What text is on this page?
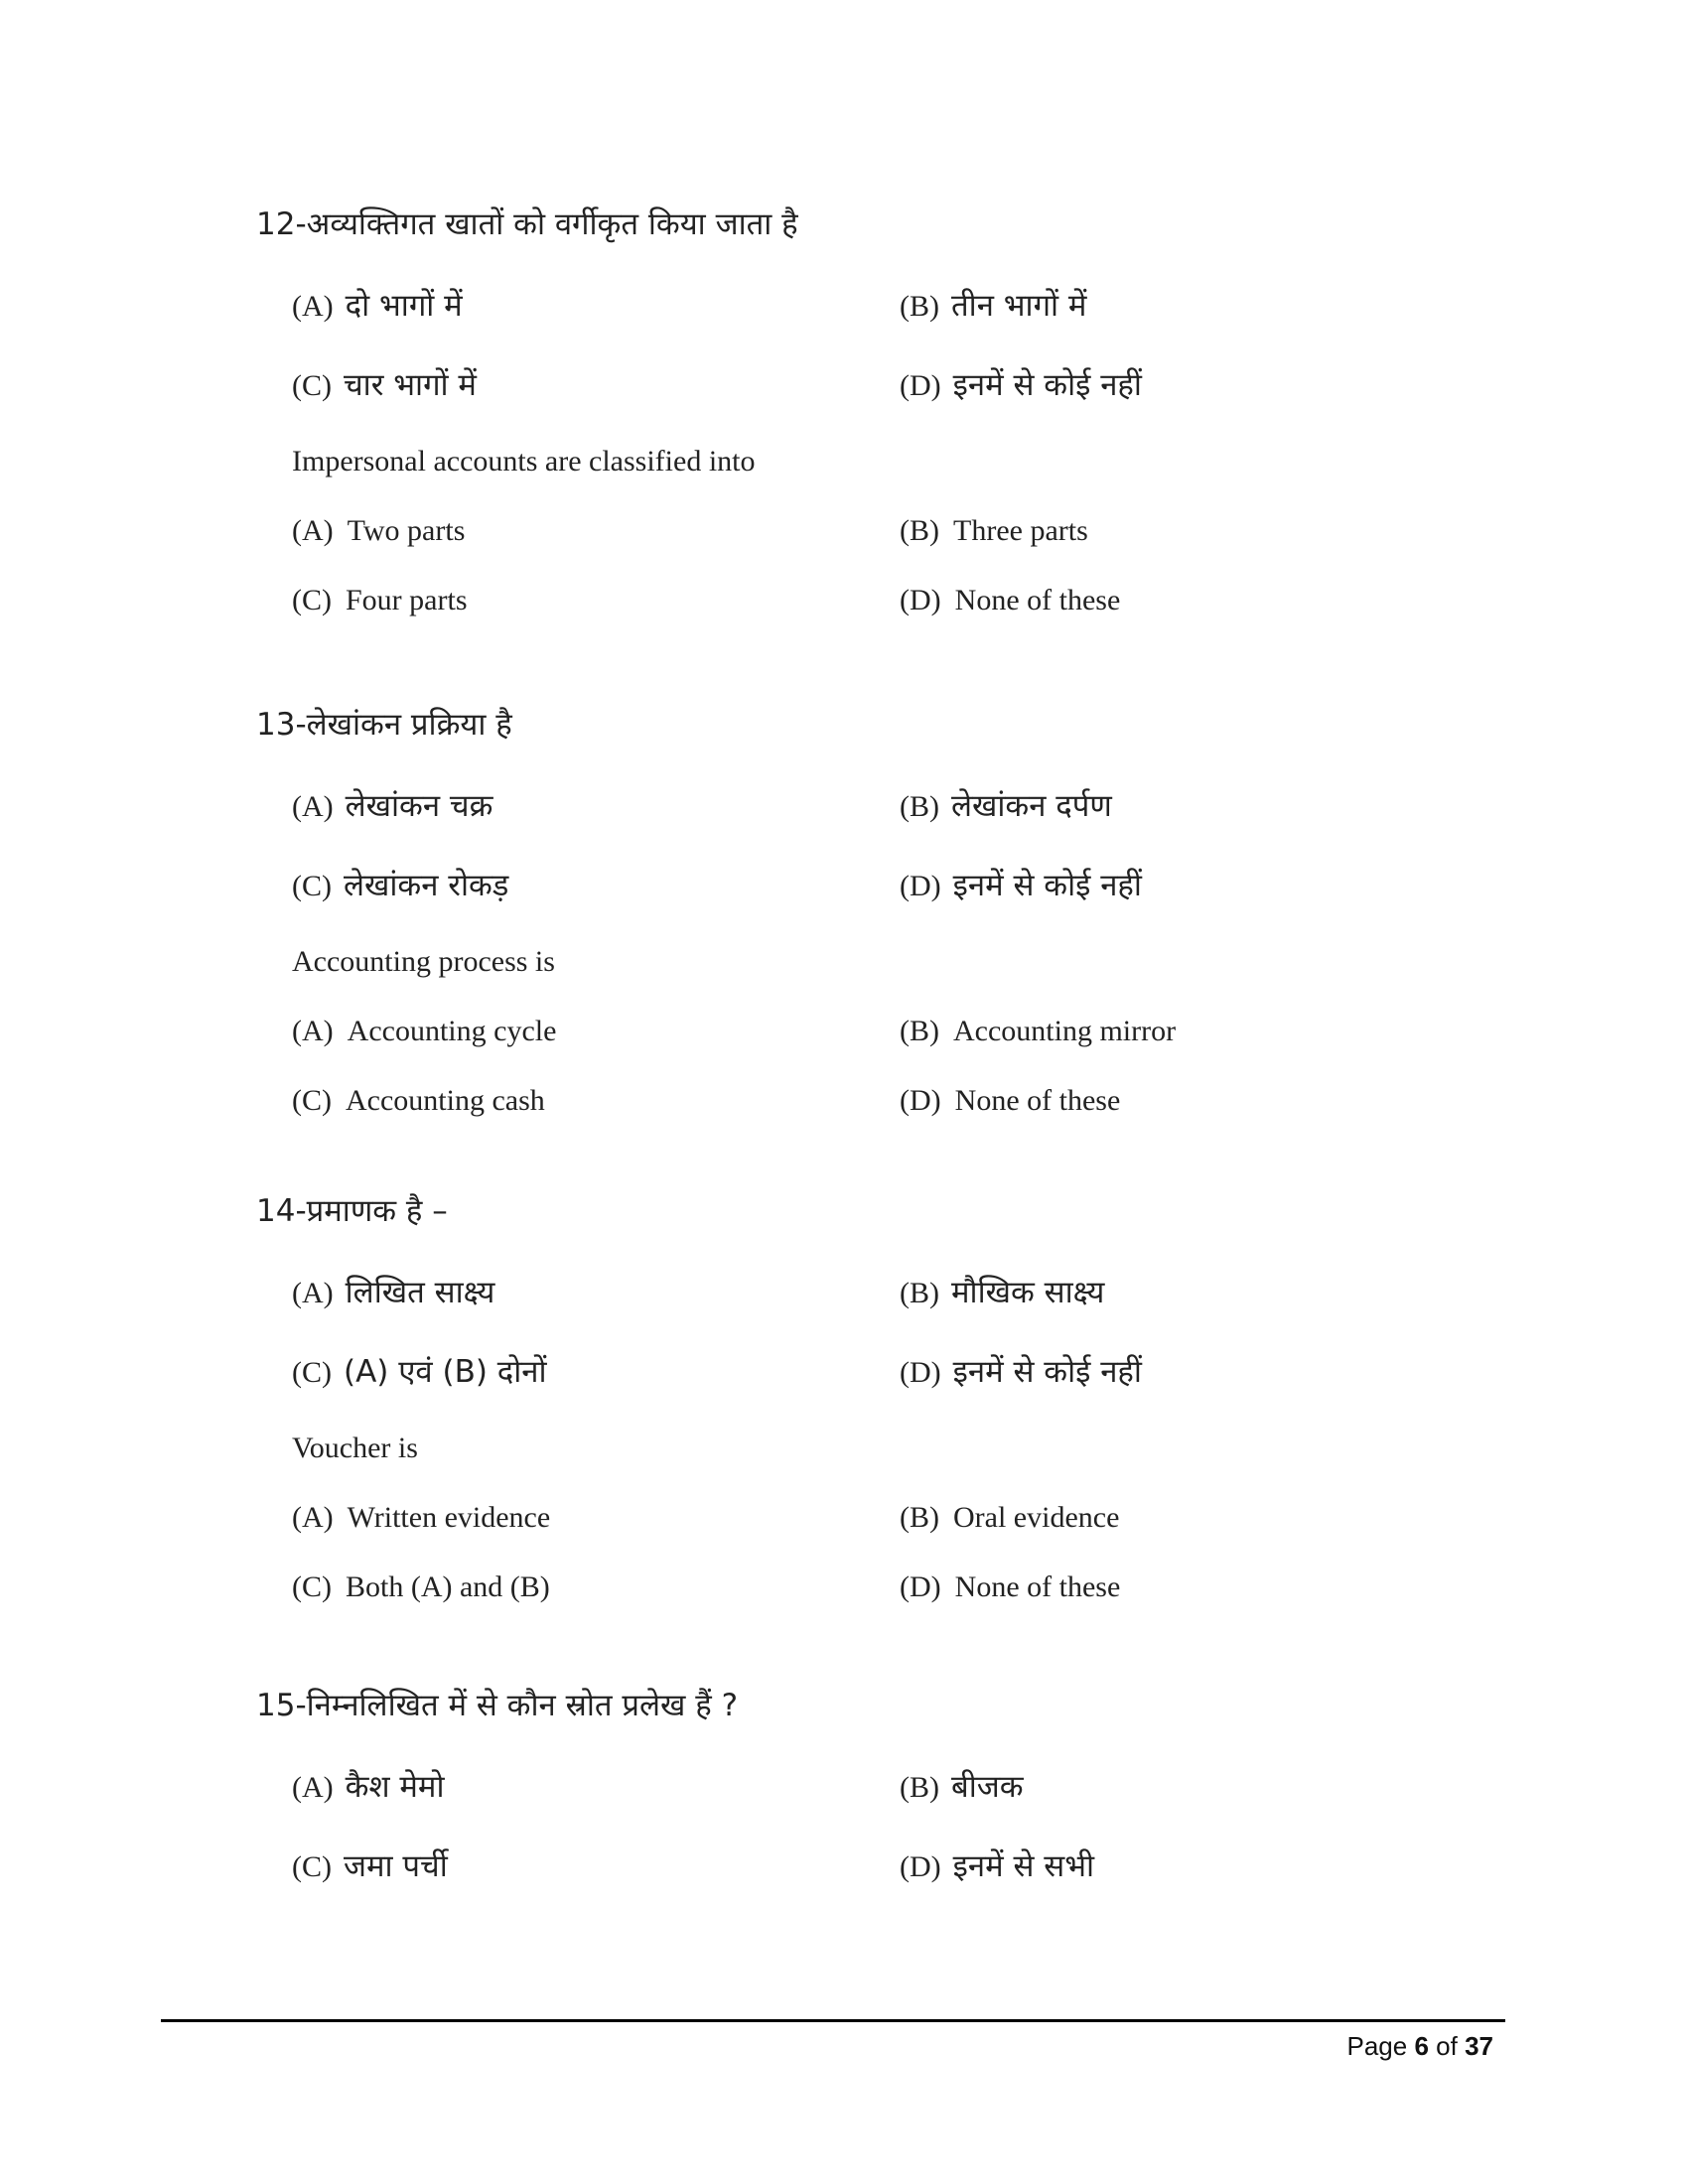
12-अव्यक्तिगत खातों को वर्गीकृत किया जाता है
(A) दो भागों में	(B) तीन भागों में
(C) चार भागों में	(D) इनमें से कोई नहीं
Impersonal accounts are classified into
(A) Two parts	(B) Three parts
(C) Four parts	(D) None of these
13-लेखांकन प्रक्रिया है
(A) लेखांकन चक्र	(B) लेखांकन दर्पण
(C) लेखांकन रोकड़	(D) इनमें से कोई नहीं
Accounting process is
(A) Accounting cycle	(B) Accounting mirror
(C) Accounting cash	(D) None of these
14-प्रमाणक है –
(A) लिखित साक्ष्य	(B) मौखिक साक्ष्य
(C) (A) एवं (B) दोनों	(D) इनमें से कोई नहीं
Voucher is
(A) Written evidence	(B) Oral evidence
(C) Both (A) and (B)	(D) None of these
15-निम्नलिखित में से कौन स्रोत प्रलेख हैं ?
(A) कैश मेमो	(B) बीजक
(C) जमा पर्ची	(D) इनमें से सभी
Page 6 of 37
